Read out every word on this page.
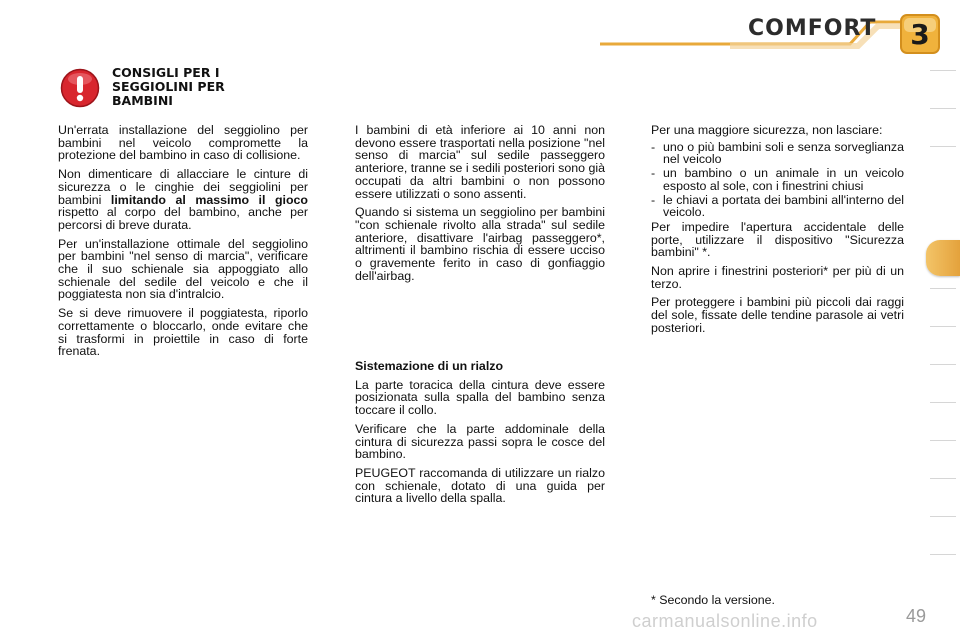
COMFORT	3
CONSIGLI PER I SEGGIOLINI PER BAMBINI

Un'errata installazione del seggiolino per bambini nel veicolo compromette la protezione del bambino in caso di collisione.

Non dimenticare di allacciare le cinture di sicurezza o le cinghie dei seggiolini per bambini limitando al massimo il gioco rispetto al corpo del bambino, anche per percorsi di breve durata.

Per un'installazione ottimale del seggiolino per bambini "nel senso di marcia", verificare che il suo schienale sia appoggiato allo schienale del sedile del veicolo e che il poggiatesta non sia d'intralcio.

Se si deve rimuovere il poggiatesta, riporlo correttamente o bloccarlo, onde evitare che si trasformi in proiettile in caso di forte frenata.

I bambini di età inferiore ai 10 anni non devono essere trasportati nella posizione "nel senso di marcia" sul sedile passeggero anteriore, tranne se i sedili posteriori sono già occupati da altri bambini o non possono essere utilizzati o sono assenti.

Quando si sistema un seggiolino per bambini "con schienale rivolto alla strada" sul sedile anteriore, disattivare l'airbag passeggero*, altrimenti il bambino rischia di essere ucciso o gravemente ferito in caso di gonfiaggio dell'airbag.

Sistemazione di un rialzo

La parte toracica della cintura deve essere posizionata sulla spalla del bambino senza toccare il collo.

Verificare che la parte addominale della cintura di sicurezza passi sopra le cosce del bambino.

PEUGEOT raccomanda di utilizzare un rialzo con schienale, dotato di una guida per cintura a livello della spalla.

Per una maggiore sicurezza, non lasciare:

- uno o più bambini soli e senza sorveglianza nel veicolo
- un bambino o un animale in un veicolo esposto al sole, con i finestrini chiusi
- le chiavi a portata dei bambini all'interno del veicolo.

Per impedire l'apertura accidentale delle porte, utilizzare il dispositivo "Sicurezza bambini" *.

Non aprire i finestrini posteriori* per più di un terzo.

Per proteggere i bambini più piccoli dai raggi del sole, fissate delle tendine parasole ai vetri posteriori.

* Secondo la versione.
carmanualsonline.info	49
